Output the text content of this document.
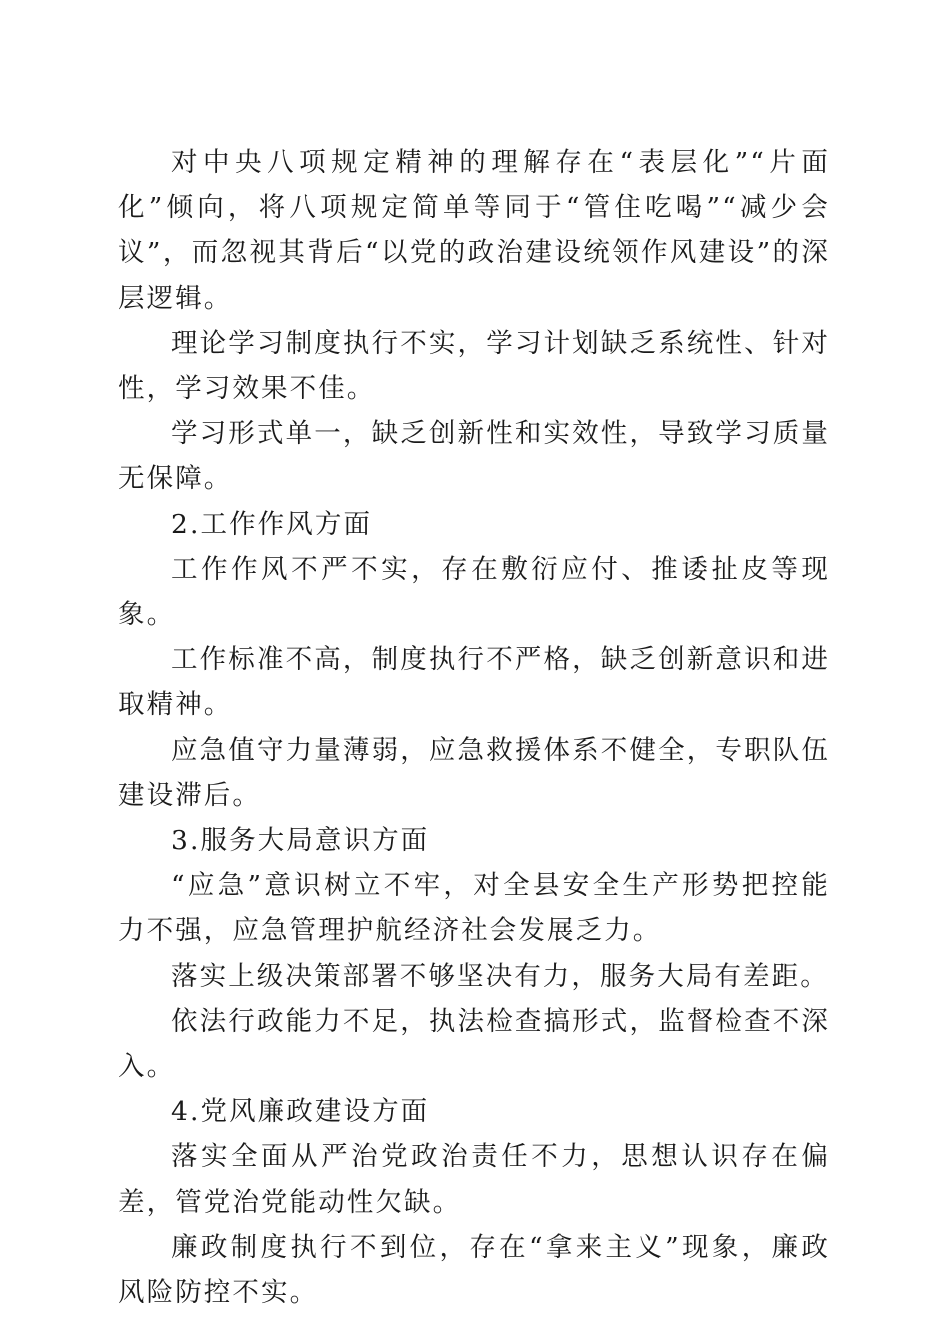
对中央八项规定精神的理解存在“表层化”“片面化”倾向，将八项规定简单等同于“管住吃喝”“减少会议”，而忽视其背后“以党的政治建设统领作风建设”的深层逻辑。

理论学习制度执行不实，学习计划缺乏系统性、针对性，学习效果不佳。

学习形式单一，缺乏创新性和实效性，导致学习质量无保障。

2.工作作风方面

工作作风不严不实，存在敷衍应付、推诿扯皮等现象。

工作标准不高，制度执行不严格，缺乏创新意识和进取精神。

应急值守力量薄弱，应急救援体系不健全，专职队伍建设滞后。

3.服务大局意识方面

“应急”意识树立不牢，对全县安全生产形势把控能力不强，应急管理护航经济社会发展乏力。

落实上级决策部署不够坚决有力，服务大局有差距。

依法行政能力不足，执法检查搞形式，监督检查不深入。

4.党风廉政建设方面

落实全面从严治党政治责任不力，思想认识存在偏差，管党治党能动性欠缺。

廉政制度执行不到位，存在“拿来主义”现象，廉政风险防控不实。
